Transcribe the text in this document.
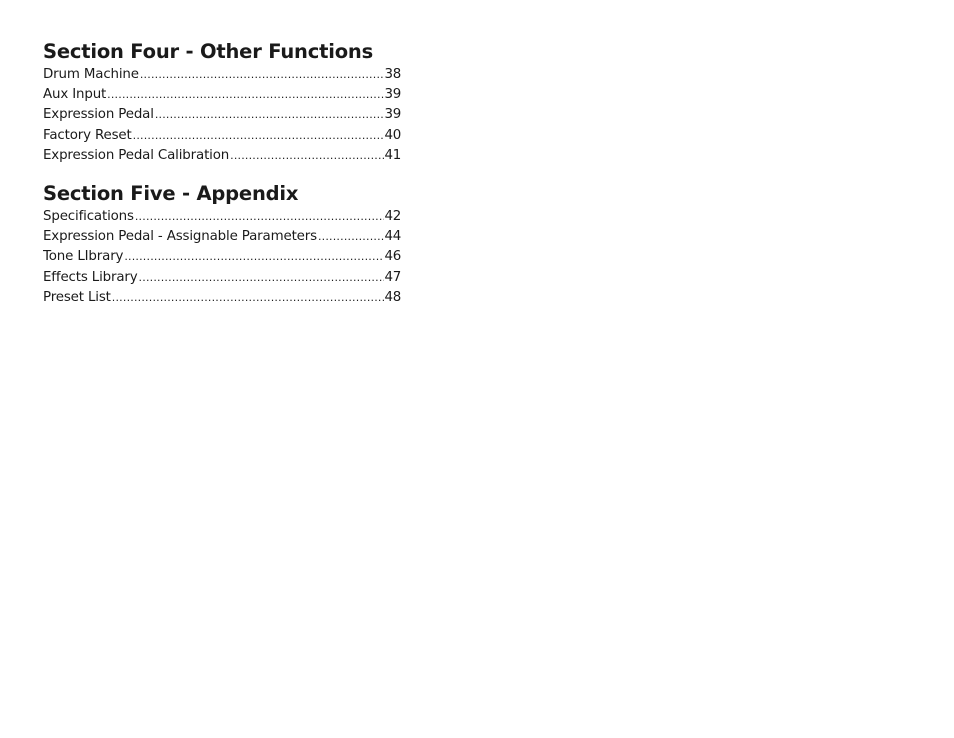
Section Four - Other Functions
Drum Machine .....	38
Aux Input .....	39
Expression Pedal .....	39
Factory Reset .....	40
Expression Pedal Calibration .....	41
Section Five - Appendix
Specifications .....	42
Expression Pedal - Assignable Parameters .....	44
Tone LIbrary .....	46
Effects Library .....	47
Preset List .....	48
